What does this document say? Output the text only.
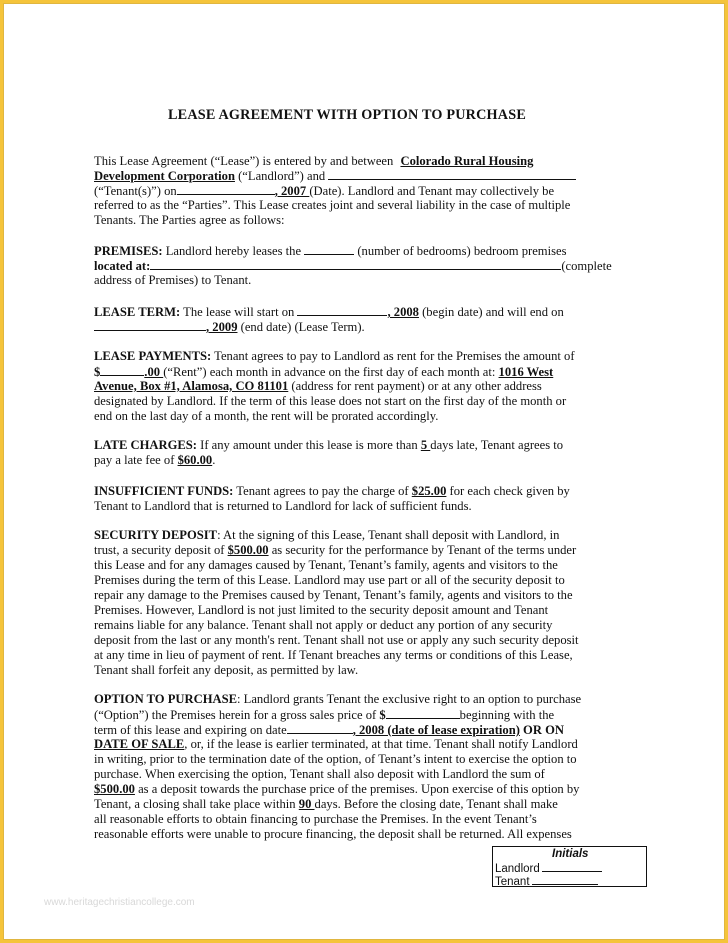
LEASE AGREEMENT WITH OPTION TO PURCHASE
This Lease Agreement (“Lease”) is entered by and between Colorado Rural Housing
Development Corporation (“Landlord”) and
(“Tenant(s)”) on	, 2007 (Date). Landlord and Tenant may collectively be
referred to as the “Parties”. This Lease creates joint and several liability in the case of multiple
Tenants. The Parties agree as follows:
PREMISES: Landlord hereby leases the	(number of bedrooms) bedroom premises
located at:	(complete
address of Premises) to Tenant.
LEASE TERM: The lease will start on	, 2008 (begin date) and will end on
, 2009 (end date) (Lease Term).
LEASE PAYMENTS: Tenant agrees to pay to Landlord as rent for the Premises the amount of
$	.00 (“Rent”) each month in advance on the first day of each month at: 1016 West
Avenue, Box #1, Alamosa, CO 81101 (address for rent payment) or at any other address
designated by Landlord. If the term of this lease does not start on the first day of the month or
end on the last day of a month, the rent will be prorated accordingly.
LATE CHARGES: If any amount under this lease is more than 5 days late, Tenant agrees to
pay a late fee of $60.00.
INSUFFICIENT FUNDS: Tenant agrees to pay the charge of $25.00 for each check given by
Tenant to Landlord that is returned to Landlord for lack of sufficient funds.
SECURITY DEPOSIT: At the signing of this Lease, Tenant shall deposit with Landlord, in
trust, a security deposit of $500.00 as security for the performance by Tenant of the terms under
this Lease and for any damages caused by Tenant, Tenant’s family, agents and visitors to the
Premises during the term of this Lease. Landlord may use part or all of the security deposit to
repair any damage to the Premises caused by Tenant, Tenant’s family, agents and visitors to the
Premises. However, Landlord is not just limited to the security deposit amount and Tenant
remains liable for any balance. Tenant shall not apply or deduct any portion of any security
deposit from the last or any month's rent. Tenant shall not use or apply any such security deposit
at any time in lieu of payment of rent. If Tenant breaches any terms or conditions of this Lease,
Tenant shall forfeit any deposit, as permitted by law.
OPTION TO PURCHASE: Landlord grants Tenant the exclusive right to an option to purchase
(“Option”) the Premises herein for a gross sales price of $	beginning with the
term of this lease and expiring on date	, 2008 (date of lease expiration) OR ON
DATE OF SALE, or, if the lease is earlier terminated, at that time. Tenant shall notify Landlord
in writing, prior to the termination date of the option, of Tenant’s intent to exercise the option to
purchase. When exercising the option, Tenant shall also deposit with Landlord the sum of
$500.00 as a deposit towards the purchase price of the premises. Upon exercise of this option by
Tenant, a closing shall take place within 90 days. Before the closing date, Tenant shall make
all reasonable efforts to obtain financing to purchase the Premises. In the event Tenant’s
reasonable efforts were unable to procure financing, the deposit shall be returned. All expenses
Initials
Landlord
Tenant
www.heritagechristiancollege.com
